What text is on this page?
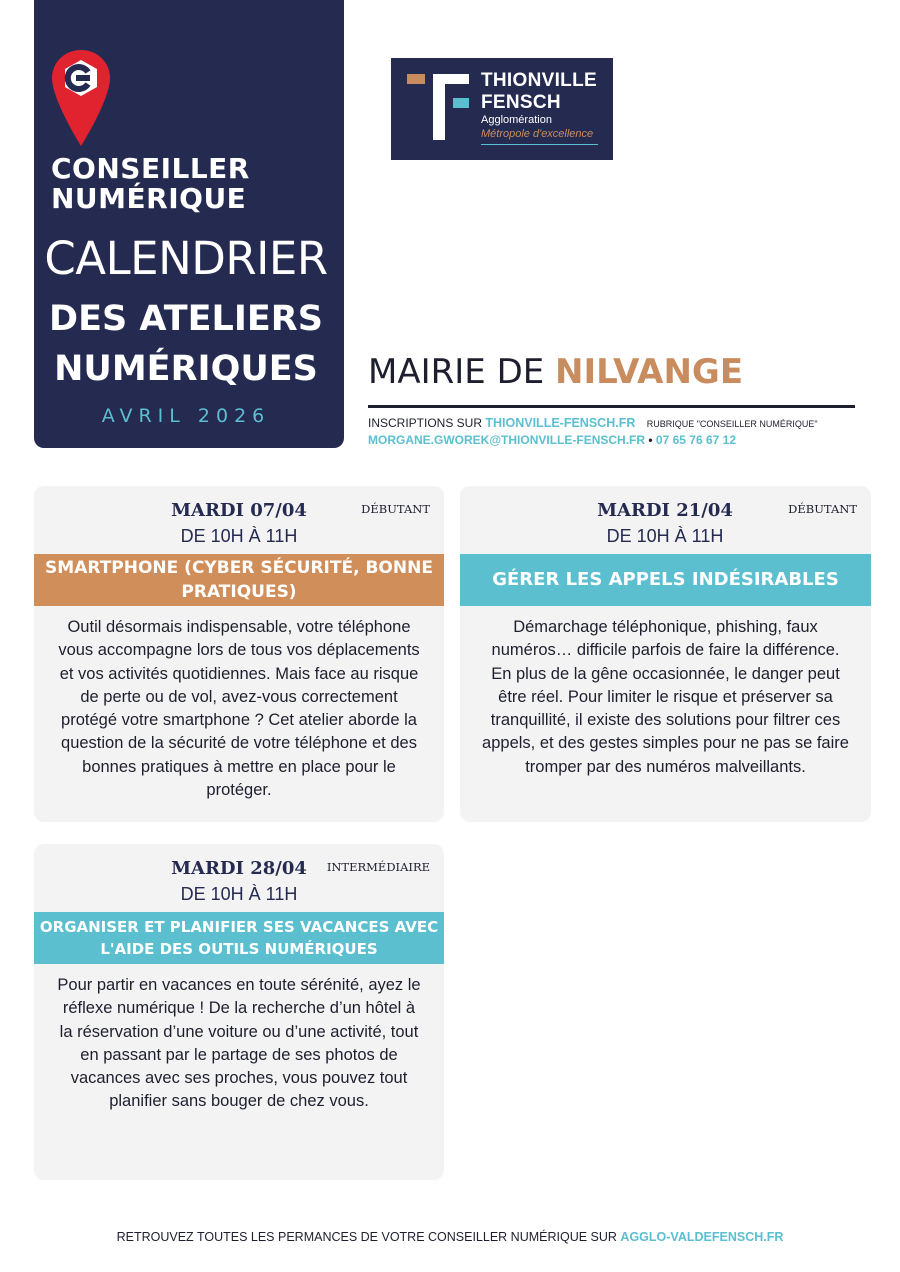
CONSEILLER
NUMÉRIQUE
CALENDRIER
DES ATELIERS
NUMÉRIQUES
AVRIL 2026
THIONVILLE
FENSCH
Agglomération
Métropole d'excellence
MAIRIE DE NILVANGE
INSCRIPTIONS SUR THIONVILLE-FENSCH.FR RUBRIQUE "CONSEILLER NUMÉRIQUE"
MORGANE.GWOREK@THIONVILLE-FENSCH.FR • 07 65 76 67 12
MARDI 07/04
DE 10H À 11H
DÉBUTANT
SMARTPHONE (CYBER SÉCURITÉ, BONNE PRATIQUES)
Outil désormais indispensable, votre téléphone vous accompagne lors de tous vos déplacements et vos activités quotidiennes. Mais face au risque de perte ou de vol, avez-vous correctement protégé votre smartphone ? Cet atelier aborde la question de la sécurité de votre téléphone et des bonnes pratiques à mettre en place pour le protéger.
MARDI 21/04
DE 10H À 11H
DÉBUTANT
GÉRER LES APPELS INDÉSIRABLES
Démarchage téléphonique, phishing, faux numéros… difficile parfois de faire la différence. En plus de la gêne occasionnée, le danger peut être réel. Pour limiter le risque et préserver sa tranquillité, il existe des solutions pour filtrer ces appels, et des gestes simples pour ne pas se faire tromper par des numéros malveillants.
MARDI 28/04
DE 10H À 11H
INTERMÉDIAIRE
ORGANISER ET PLANIFIER SES VACANCES AVEC L'AIDE DES OUTILS NUMÉRIQUES
Pour partir en vacances en toute sérénité, ayez le réflexe numérique ! De la recherche d’un hôtel à la réservation d’une voiture ou d’une activité, tout en passant par le partage de ses photos de vacances avec ses proches, vous pouvez tout planifier sans bouger de chez vous.
RETROUVEZ TOUTES LES PERMANCES DE VOTRE CONSEILLER NUMÉRIQUE SUR AGGLO-VALDEFENSCH.FR
